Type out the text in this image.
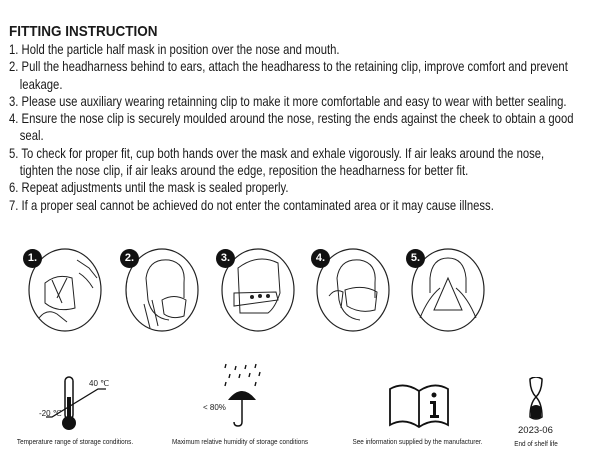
FITTING INSTRUCTION
1. Hold the particle half mask in position over the nose and mouth.
2. Pull the headharness behind to ears, attach the headharess to the retaining clip, improve comfort and prevent
leakage.
3. Please use auxiliary wearing retainning clip to make it more comfortable and easy to wear with better sealing.
4. Ensure the nose clip is securely moulded around the nose, resting the ends against the cheek to obtain a good
seal.
5. To check for proper fit, cup both hands over the mask and exhale vigorously. If air leaks around the nose,
tighten the nose clip, if air leaks around the edge, reposition the headharness for better fit.
6. Repeat adjustments until the mask is sealed properly.
7. If a proper seal cannot be achieved do not enter the contaminated area or it may cause illness.
1.	2.	3.	4.	5.
40 ℃
-20 ℃
Temperature range of storage conditions.
< 80%
Maximum relative humidity of storage conditions	See information supplied by the manufacturer.
2023-06
End of shelf life
